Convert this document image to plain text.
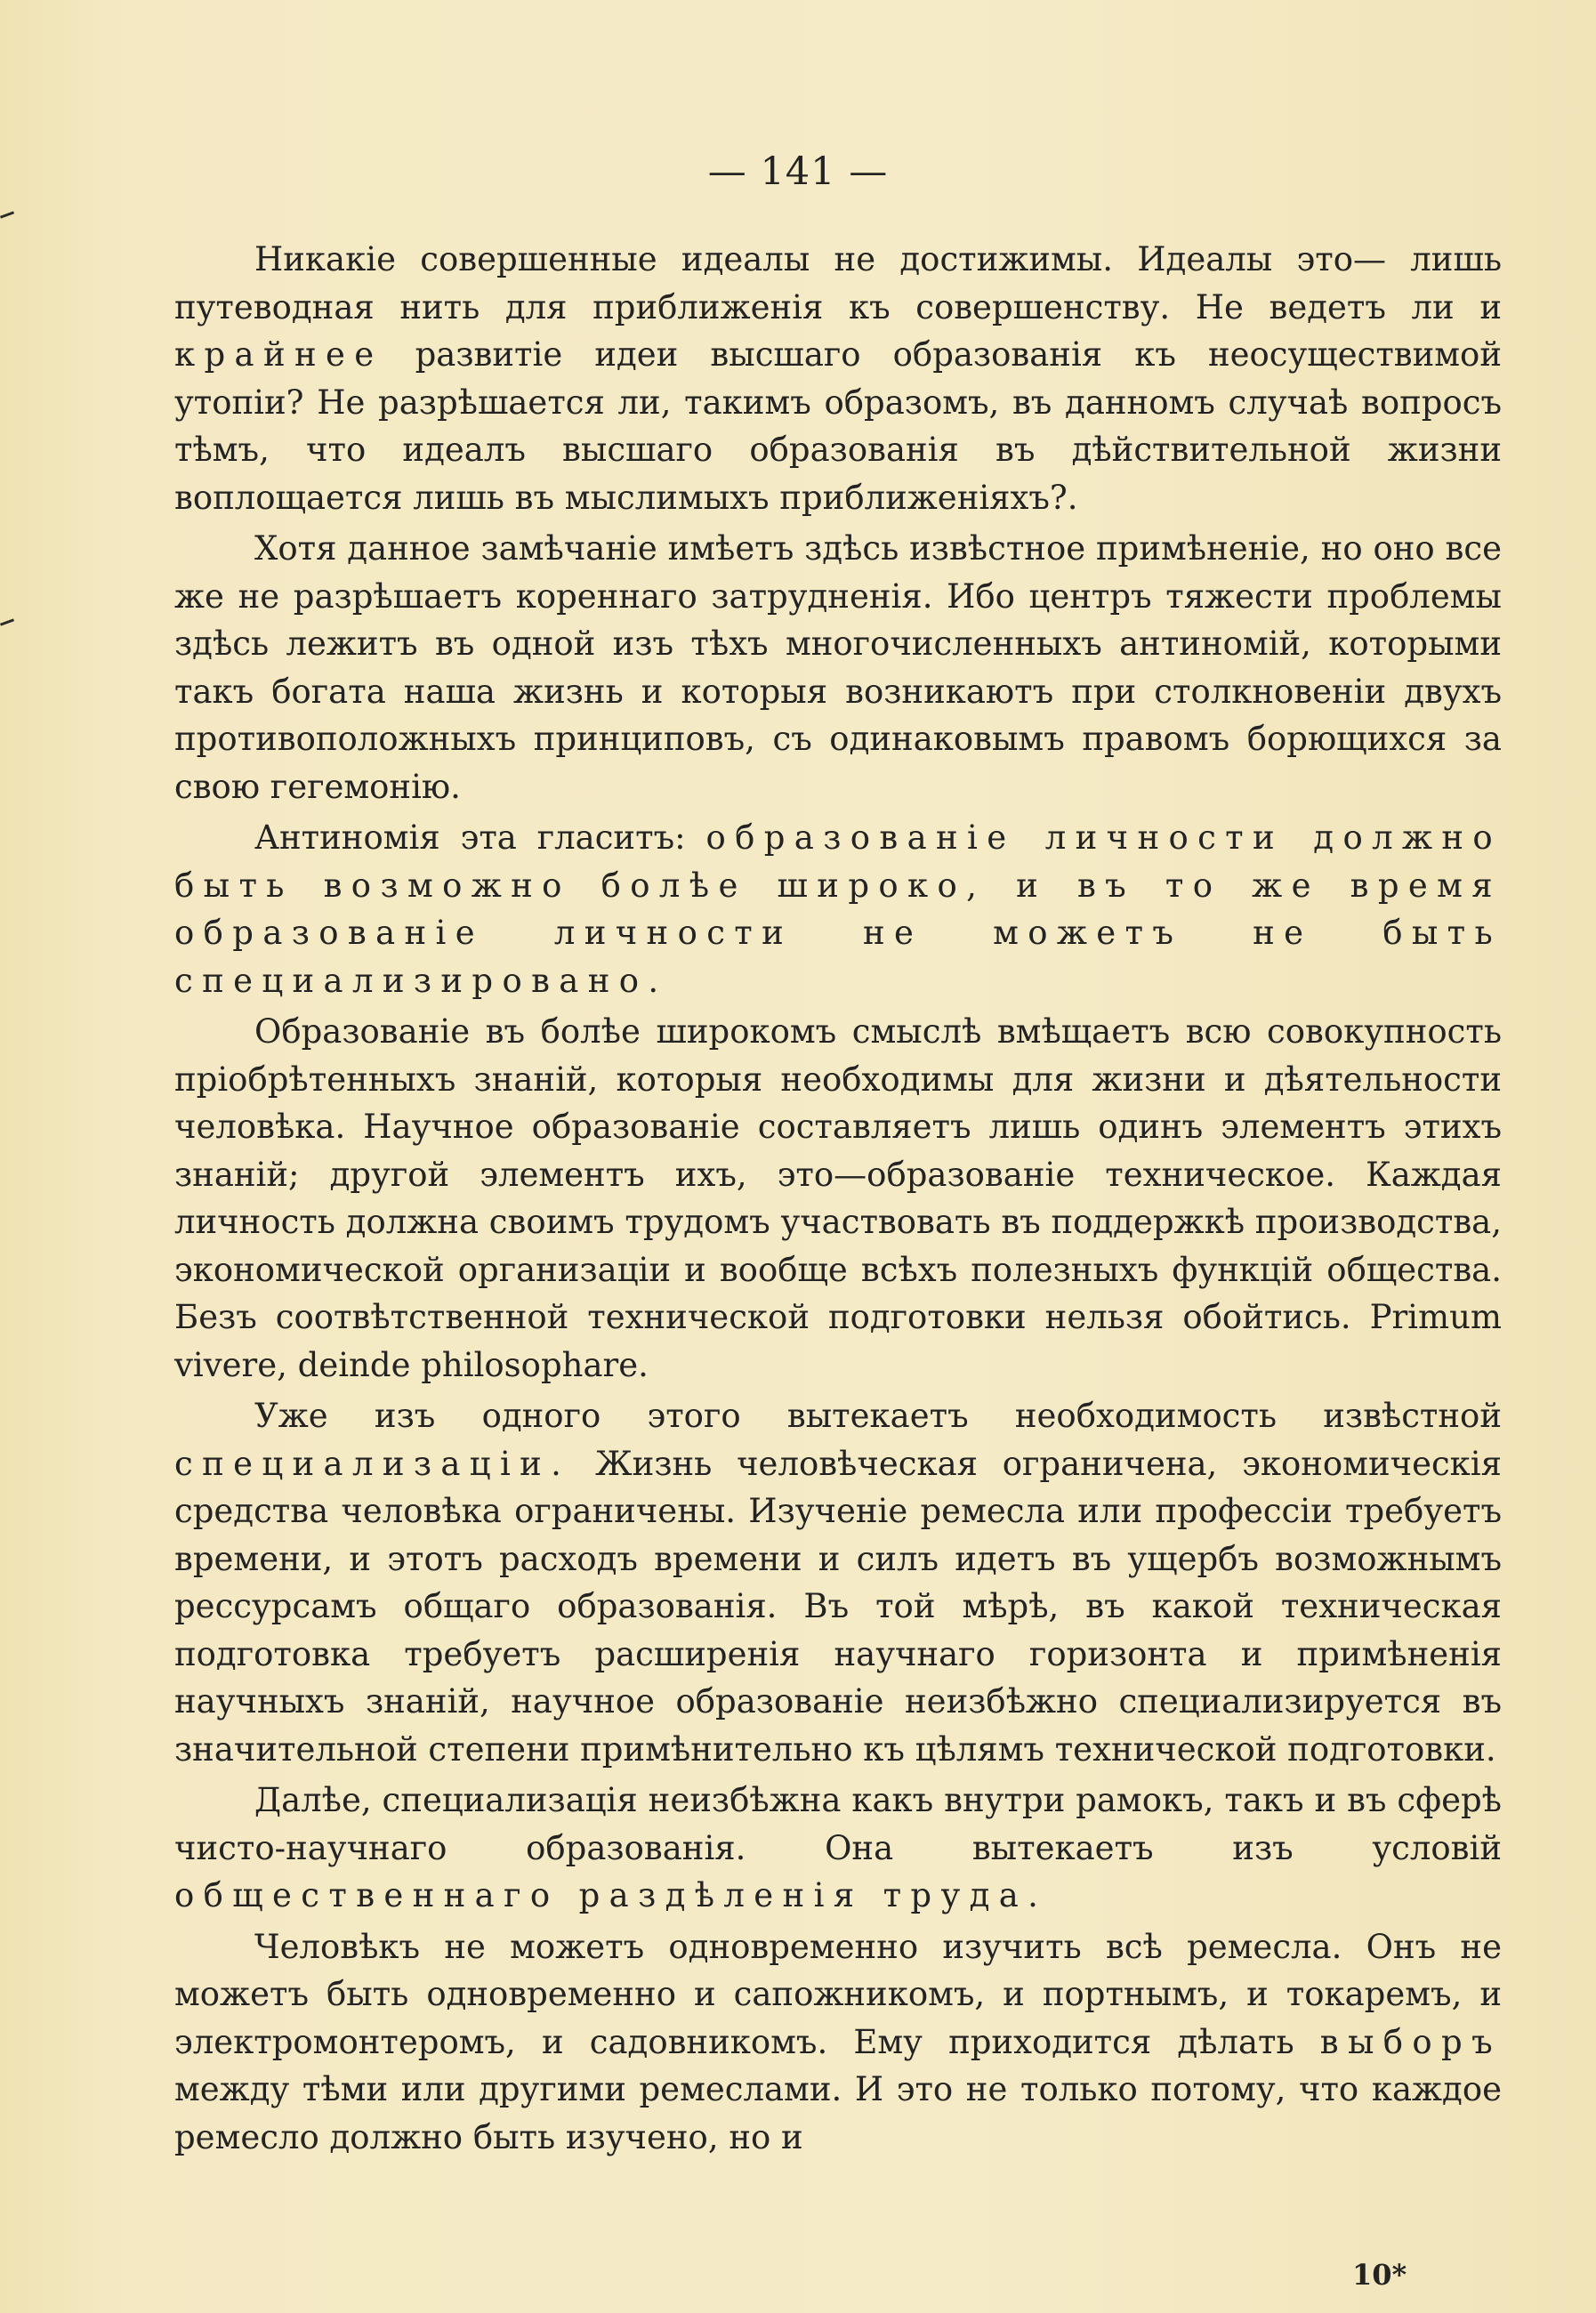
— 141 —

Никакіе совершенные идеалы не достижимы. Идеалы это— лишь путеводная нить для приближенія къ совершенству. Не ведетъ ли и крайнее развитіе идеи высшаго образованія къ неосуществимой утопіи? Не разрѣшается ли, такимъ образомъ, въ данномъ случаѣ вопросъ тѣмъ, что идеалъ высшаго образованія въ дѣйствительной жизни воплощается лишь въ мыслимыхъ приближеніяхъ?.

Хотя данное замѣчаніе имѣетъ здѣсь извѣстное примѣненіе, но оно все же не разрѣшаетъ кореннаго затрудненія. Ибо центръ тяжести проблемы здѣсь лежитъ въ одной изъ тѣхъ многочисленныхъ антиномій, которыми такъ богата наша жизнь и которыя возникаютъ при столкновеніи двухъ противоположныхъ принциповъ, съ одинаковымъ правомъ борющихся за свою гегемонію.

Антиномія эта гласитъ: образованіе личности должно быть возможно болѣе широко, и въ то же время образованіе личности не можетъ не быть специализировано.

Образованіе въ болѣе широкомъ смыслѣ вмѣщаетъ всю совокупность пріобрѣтенныхъ знаній, которыя необходимы для жизни и дѣятельности человѣка. Научное образованіе составляетъ лишь одинъ элементъ этихъ знаній; другой элементъ ихъ, это—образованіе техническое. Каждая личность должна своимъ трудомъ участвовать въ поддержкѣ производства, экономической организаціи и вообще всѣхъ полезныхъ функцій общества. Безъ соотвѣтственной технической подготовки нельзя обойтись. Primum vivere, deinde philosophare.

Уже изъ одного этого вытекаетъ необходимость извѣстной специализаціи. Жизнь человѣческая ограничена, экономическія средства человѣка ограничены. Изученіе ремесла или профессіи требуетъ времени, и этотъ расходъ времени и силъ идетъ въ ущербъ возможнымъ рессурсамъ общаго образованія. Въ той мѣрѣ, въ какой техническая подготовка требуетъ расширенія научнаго горизонта и примѣненія научныхъ знаній, научное образованіе неизбѣжно специализируется въ значительной степени примѣнительно къ цѣлямъ технической подготовки.

Далѣе, специализація неизбѣжна какъ внутри рамокъ, такъ и въ сферѣ чисто-научнаго образованія. Она вытекаетъ изъ условій общественнаго раздѣленія труда.

Человѣкъ не можетъ одновременно изучить всѣ ремесла. Онъ не можетъ быть одновременно и сапожникомъ, и портнымъ, и токаремъ, и электромонтеромъ, и садовникомъ. Ему приходится дѣлать выборъ между тѣми или другими ремеслами. И это не только потому, что каждое ремесло должно быть изучено, но и

10*
